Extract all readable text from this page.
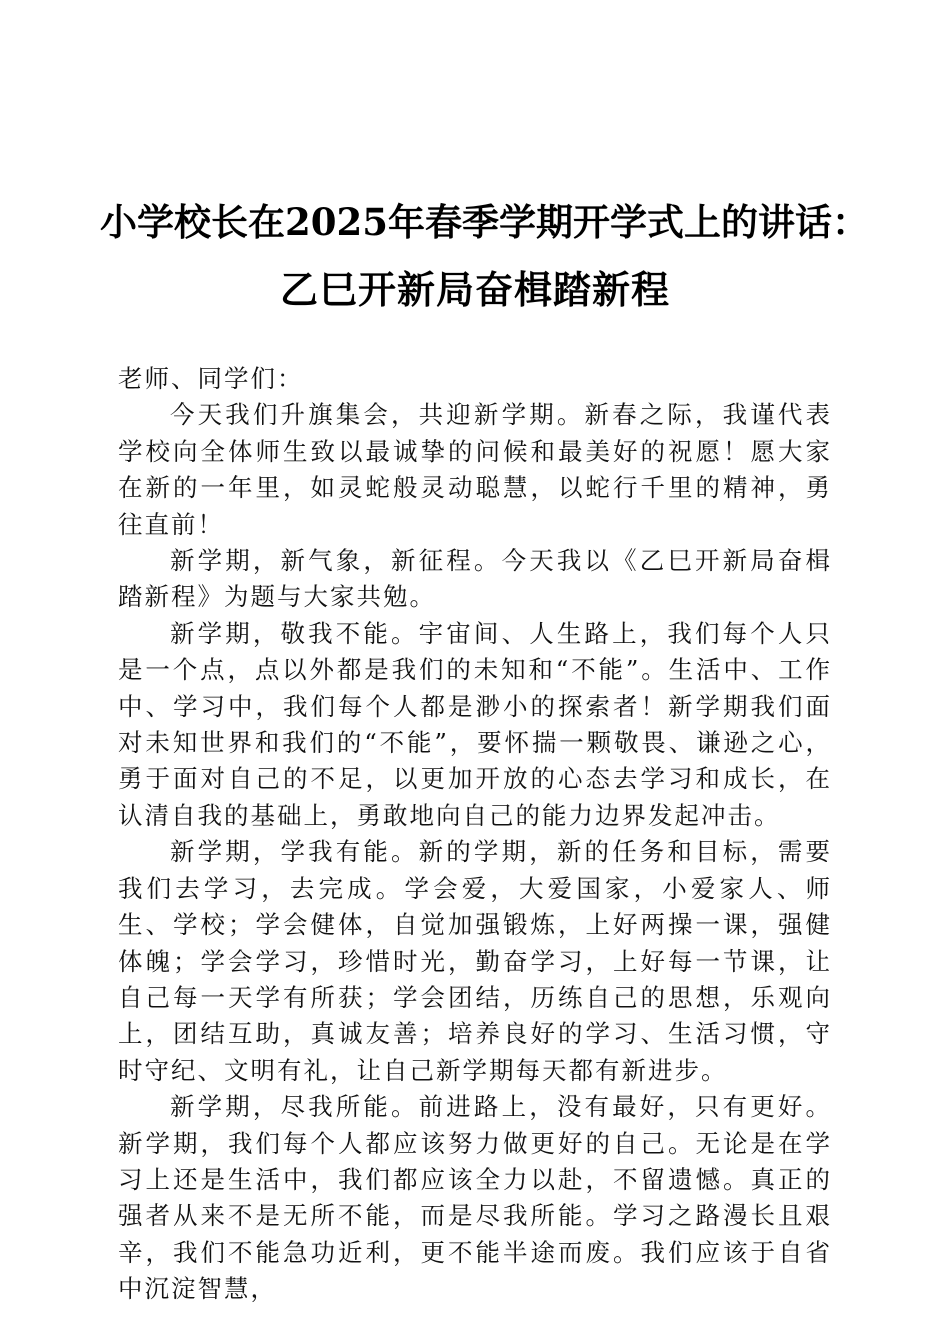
小学校长在2025年春季学期开学式上的讲话：
乙巳开新局奋楫踏新程

老师、同学们：

今天我们升旗集会，共迎新学期。新春之际，我谨代表学校向全体师生致以最诚挚的问候和最美好的祝愿！愿大家在新的一年里，如灵蛇般灵动聪慧，以蛇行千里的精神，勇往直前！

新学期，新气象，新征程。今天我以《乙巳开新局奋楫踏新程》为题与大家共勉。

新学期，敬我不能。宇宙间、人生路上，我们每个人只是一个点，点以外都是我们的未知和“不能”。生活中、工作中、学习中，我们每个人都是渺小的探索者！新学期我们面对未知世界和我们的“不能”，要怀揣一颗敬畏、谦逊之心，勇于面对自己的不足，以更加开放的心态去学习和成长，在认清自我的基础上，勇敢地向自己的能力边界发起冲击。

新学期，学我有能。新的学期，新的任务和目标，需要我们去学习，去完成。学会爱，大爱国家，小爱家人、师生、学校；学会健体，自觉加强锻炼，上好两操一课，强健体魄；学会学习，珍惜时光，勤奋学习，上好每一节课，让自己每一天学有所获；学会团结，历练自己的思想，乐观向上，团结互助，真诚友善；培养良好的学习、生活习惯，守时守纪、文明有礼，让自己新学期每天都有新进步。

新学期，尽我所能。前进路上，没有最好，只有更好。新学期，我们每个人都应该努力做更好的自己。无论是在学习上还是生活中，我们都应该全力以赴，不留遗憾。真正的强者从来不是无所不能，而是尽我所能。学习之路漫长且艰辛，我们不能急功近利，更不能半途而废。我们应该于自省中沉淀智慧，
